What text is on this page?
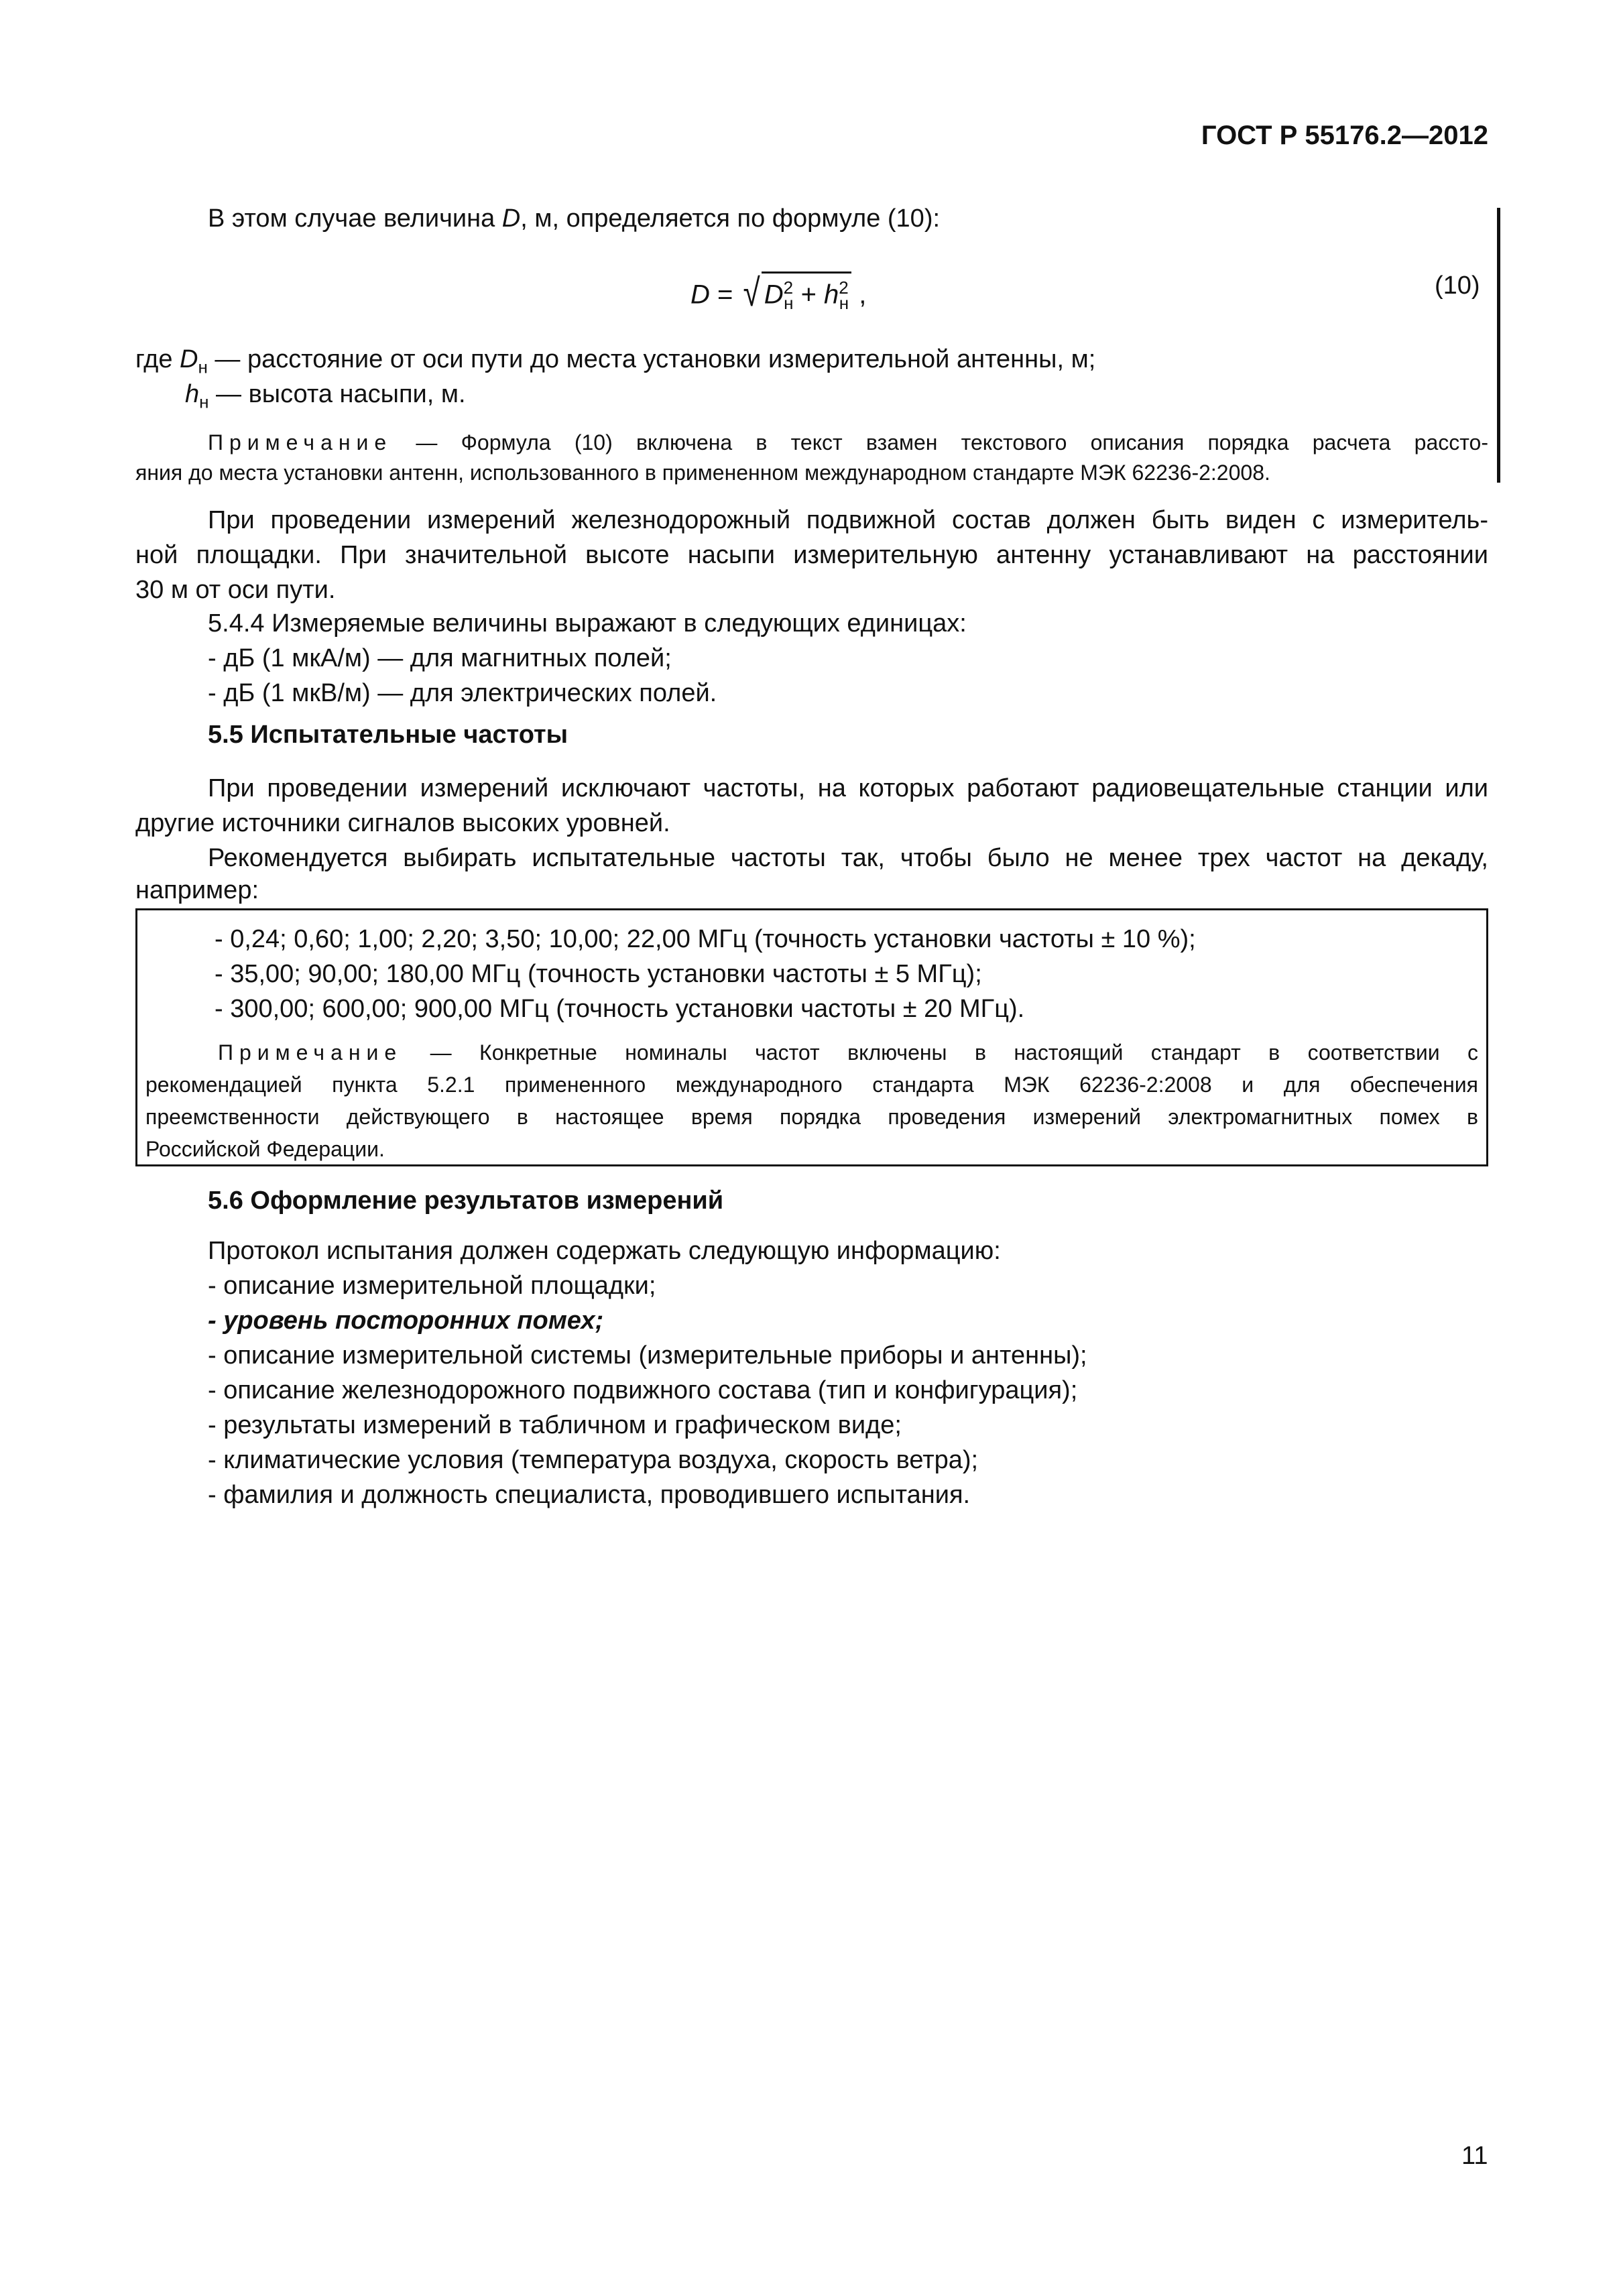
ГОСТ Р 55176.2—2012
В этом случае величина D, м, определяется по формуле (10):
D = √ $D^2_н + h^2_н$ ,	(10)
где $D_н$ — расстояние от оси пути до места установки измерительной антенны, м;
$h_н$ — высота насыпи, м.
Примечание — Формула (10) включена в текст взамен текстового описания порядка расчета рассто-
яния до места установки антенн, использованного в примененном международном стандарте МЭК 62236-2:2008.
При проведении измерений железнодорожный подвижной состав должен быть виден с измеритель-
ной площадки. При значительной высоте насыпи измерительную антенну устанавливают на расстоянии
30 м от оси пути.
5.4.4 Измеряемые величины выражают в следующих единицах:
- дБ (1 мкА/м) — для магнитных полей;
- дБ (1 мкВ/м) — для электрических полей.
5.5 Испытательные частоты
При проведении измерений исключают частоты, на которых работают радиовещательные станции или
другие источники сигналов высоких уровней.
Рекомендуется выбирать испытательные частоты так, чтобы было не менее трех частот на декаду,
например:
- 0,24; 0,60; 1,00; 2,20; 3,50; 10,00; 22,00 МГц (точность установки частоты ± 10 %);
- 35,00; 90,00; 180,00 МГц (точность установки частоты ± 5 МГц);
- 300,00; 600,00; 900,00 МГц (точность установки частоты ± 20 МГц).
Примечание — Конкретные номиналы частот включены в настоящий стандарт в соответствии с
рекомендацией пункта 5.2.1 примененного международного стандарта МЭК 62236-2:2008 и для обеспечения
преемственности действующего в настоящее время порядка проведения измерений электромагнитных помех в
Российской Федерации.
5.6 Оформление результатов измерений
Протокол испытания должен содержать следующую информацию:
- описание измерительной площадки;
- уровень посторонних помех;
- описание измерительной системы (измерительные приборы и антенны);
- описание железнодорожного подвижного состава (тип и конфигурация);
- результаты измерений в табличном и графическом виде;
- климатические условия (температура воздуха, скорость ветра);
- фамилия и должность специалиста, проводившего испытания.
11
